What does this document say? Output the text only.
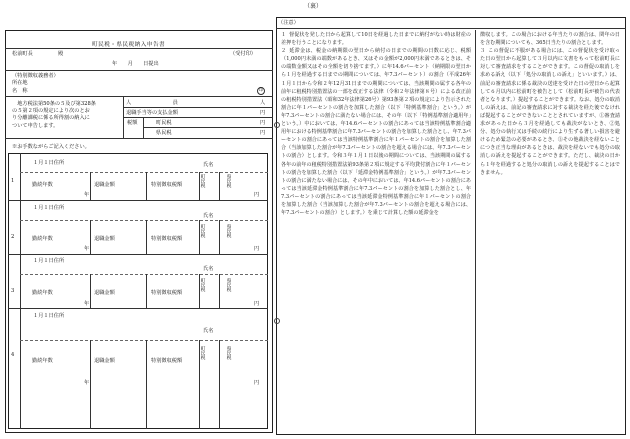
（裏）
町民税・県民税納入申告書
松前町長	殿	（受付印）
年　　月　　日提出
（特別徴収義務者）
所在地
名　称	印
　地方税法第50条の５及び第328条
の５第２項の規定により次のとお
り分離課税に係る所得割の納入に
ついて申告します。
人　　　　　　　　員	人
退職手当等の支払金額	円
税額	町民税	円
県民税	円
※お手数ながらご記入ください。
1
１月１日住所	氏名
勤続年数
年
退職金額	特別徴収税額	町民税	県民税
円
2
１月１日住所
氏名
勤続年数
年
退職金額	特別徴収税額
町民税	県民税
円
3
１月１日住所
氏名
勤続年数
年
退職金額	特別徴収税額
町民税	県民税
円
4
１月１日住所
氏名
勤続年数
年
退職金額	特別徴収税額
町民税	県民税
円
（注意）

１ 督促状を発した日から起算して10日を経過した日までに納付がない時は財産の差押を行うことになります。

２ 延滞金は、税金の納期限の翌日から納付の日までの期間の日数に応じ、税額（1,000円未満の端数があるとき、又はその金額が2,000円未満であるときは、その端数金額又はその全額を切り捨てます。）に年14.6パーセント（納期限の翌日から１月を経過する日までの期間については、年7.3パーセント）の割合（平成26年１月１日から令和２年12月31日までの期間については、当該期間の属する各年の前年に租税特別措置法の一部を改正する法律（令和２年法律第８号）による改正前の租税特別措置法（昭和32年法律第26号）第93条第２項の規定により告示された割合に年１パーセントの割合を加算した割合（以下「特例基準割合」という。）が年7.3パーセントの割合に満たない場合には、その年（以下「特例基準割合適用年」という。）中においては、年14.6パーセントの割合にあっては当該特例基準割合適用年における特例基準割合に年7.3パーセントの割合を加算した割合とし、年7.3パーセントの割合にあっては当該特例基準割合に年１パーセントの割合を加算した割合（当該加算した割合が年7.3パーセントの割合を超える場合には、年7.3パーセントの割合）とします。令和３年１月１日以後の期間については、当該期間の属する各年の前年の租税特別措置法第93条第２項に規定する平均貸付割合に年１パーセントの割合を加算した割合（以下「延滞金特例基準割合」という。）が年7.3パーセントの割合に満たない場合には、その年中においては、年14.6パーセントの割合にあっては当該延滞金特例基準割合に年7.3パーセントの割合を加算した割合とし、年7.3パーセントの割合にあっては当該延滞金特例基準割合に年１パーセントの割合を加算した割合（当該加算した割合が年7.3パーセントの割合を超える場合には、年7.3パーセントの割合）とします。）を乗じて計算した額の延滞金を

徴収します。この場合における年当たりの割合は、閏年の日を含む期間についても、365日当たりの割合とします。

３ この督促に不服がある場合には、この督促状を受け取った日の翌日から起算して３月以内に文書をもって松前町長に対して審査請求をすることができます。この督促の取消しを求める訴え（以下「処分の取消しの訴え」といいます。）は、前記の審査請求に係る裁決の送達を受けた日の翌日から起算して６月以内に松前町を被告として（松前町長が被告の代表者となります。）提起することができます。なお、処分の取消しの訴えは、前記の審査請求に対する裁決を経た後でなければ提起することができないこととされていますが、①審査請求があった日から３月を経過しても裁決がないとき、②処分、処分の執行又は手続の続行により生ずる著しい損害を避けるため緊急の必要があるとき、③その他裁決を経ないことにつき正当な理由があるときは、裁決を経ないでも処分の取消しの訴えを提起することができます。ただし、裁決の日から１年を経過すると処分の取消しの訴えを提起することはできません。
